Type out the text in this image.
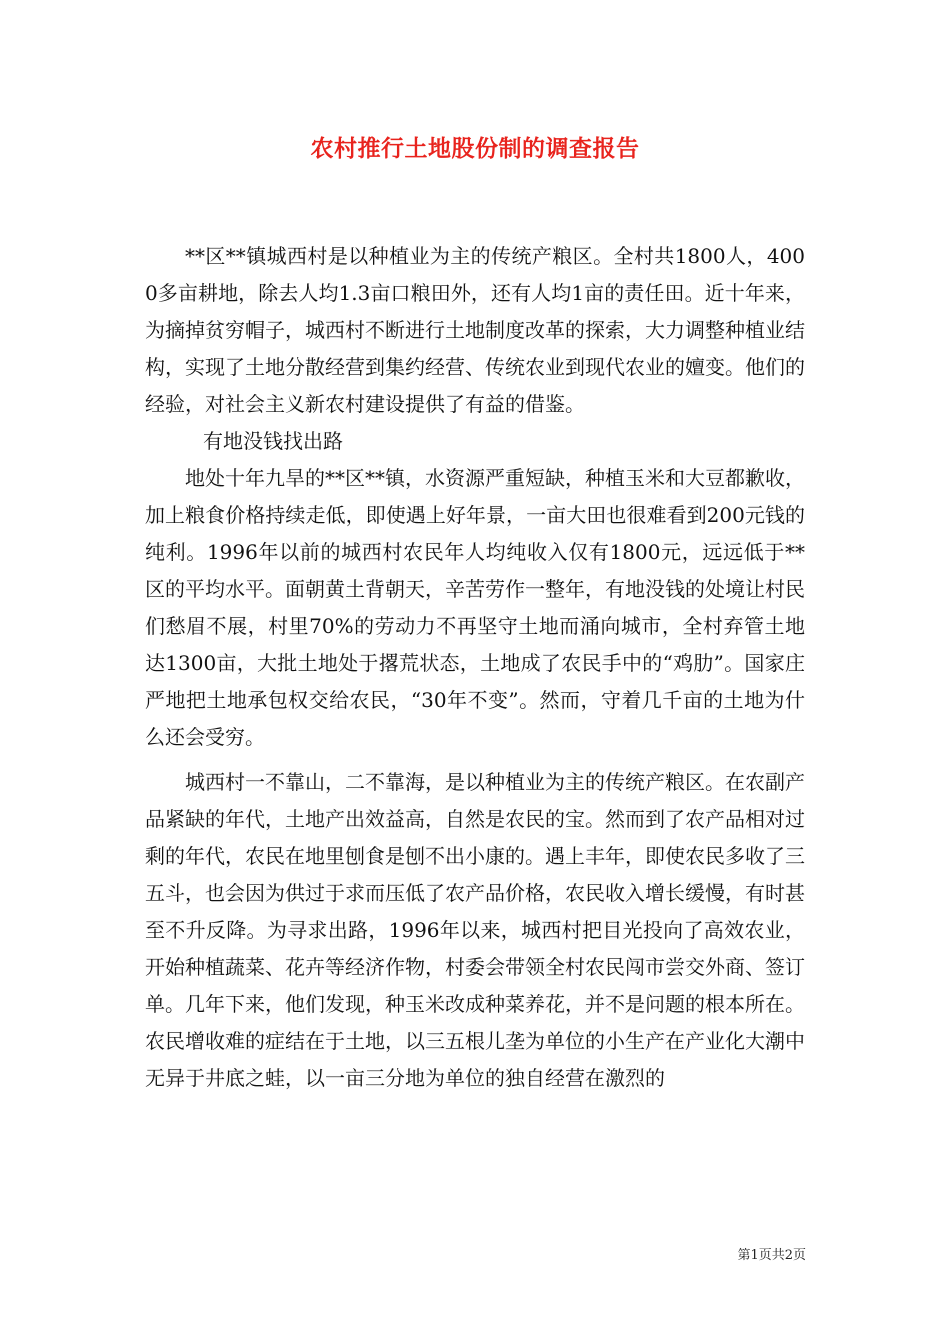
农村推行土地股份制的调查报告

**区**镇城西村是以种植业为主的传统产粮区。全村共1800人，4000多亩耕地，除去人均1.3亩口粮田外，还有人均1亩的责任田。近十年来，为摘掉贫穷帽子，城西村不断进行土地制度改革的探索，大力调整种植业结构，实现了土地分散经营到集约经营、传统农业到现代农业的嬗变。他们的经验，对社会主义新农村建设提供了有益的借鉴。

有地没钱找出路

地处十年九旱的**区**镇，水资源严重短缺，种植玉米和大豆都歉收，加上粮食价格持续走低，即使遇上好年景，一亩大田也很难看到200元钱的纯利。1996年以前的城西村农民年人均纯收入仅有1800元，远远低于**区的平均水平。面朝黄土背朝天，辛苦劳作一整年，有地没钱的处境让村民们愁眉不展，村里70%的劳动力不再坚守土地而涌向城市，全村弃管土地达1300亩，大批土地处于撂荒状态，土地成了农民手中的“鸡肋”。国家庄严地把土地承包权交给农民，“30年不变”。然而，守着几千亩的土地为什么还会受穷。

城西村一不靠山，二不靠海，是以种植业为主的传统产粮区。在农副产品紧缺的年代，土地产出效益高，自然是农民的宝。然而到了农产品相对过剩的年代，农民在地里刨食是刨不出小康的。遇上丰年，即使农民多收了三五斗，也会因为供过于求而压低了农产品价格，农民收入增长缓慢，有时甚至不升反降。为寻求出路，1996年以来，城西村把目光投向了高效农业，开始种植蔬菜、花卉等经济作物，村委会带领全村农民闯市尝交外商、签订单。几年下来，他们发现，种玉米改成种菜养花，并不是问题的根本所在。农民增收难的症结在于土地，以三五根儿垄为单位的小生产在产业化大潮中无异于井底之蛙，以一亩三分地为单位的独自经营在激烈的

第1页共2页
